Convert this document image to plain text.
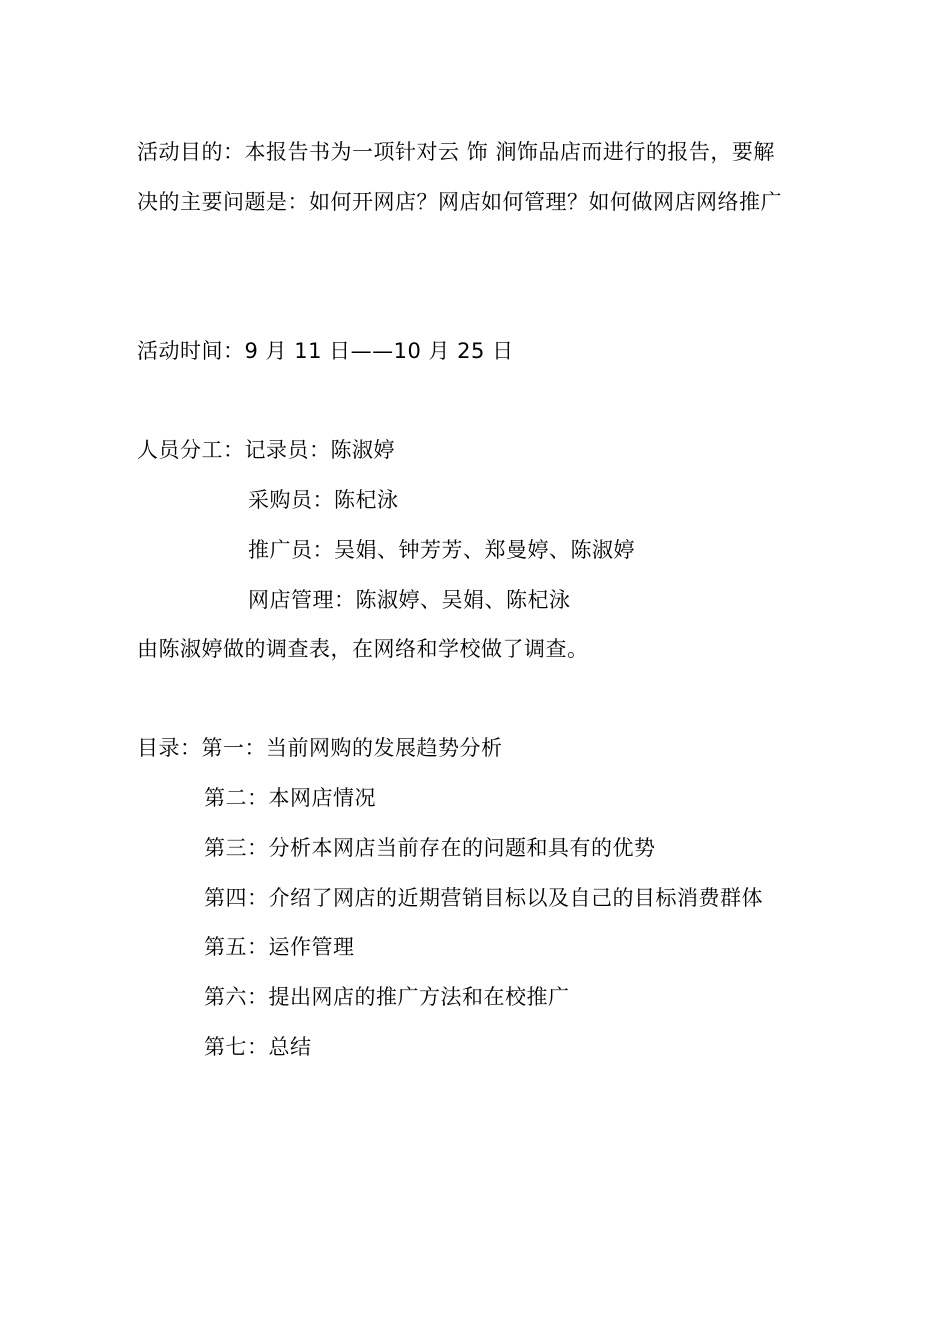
活动目的：本报告书为一项针对云 饰 涧饰品店而进行的报告，要解
决的主要问题是：如何开网店？网店如何管理？如何做网店网络推广
活动时间：9 月 11 日——10 月 25 日
人员分工：记录员：陈淑婷
采购员：陈杞泳
推广员：吴娟、钟芳芳、郑曼婷、陈淑婷
网店管理：陈淑婷、吴娟、陈杞泳
由陈淑婷做的调查表，在网络和学校做了调查。
目录：第一：当前网购的发展趋势分析
第二：本网店情况
第三：分析本网店当前存在的问题和具有的优势
第四：介绍了网店的近期营销目标以及自己的目标消费群体
第五：运作管理
第六：提出网店的推广方法和在校推广
第七：总结
